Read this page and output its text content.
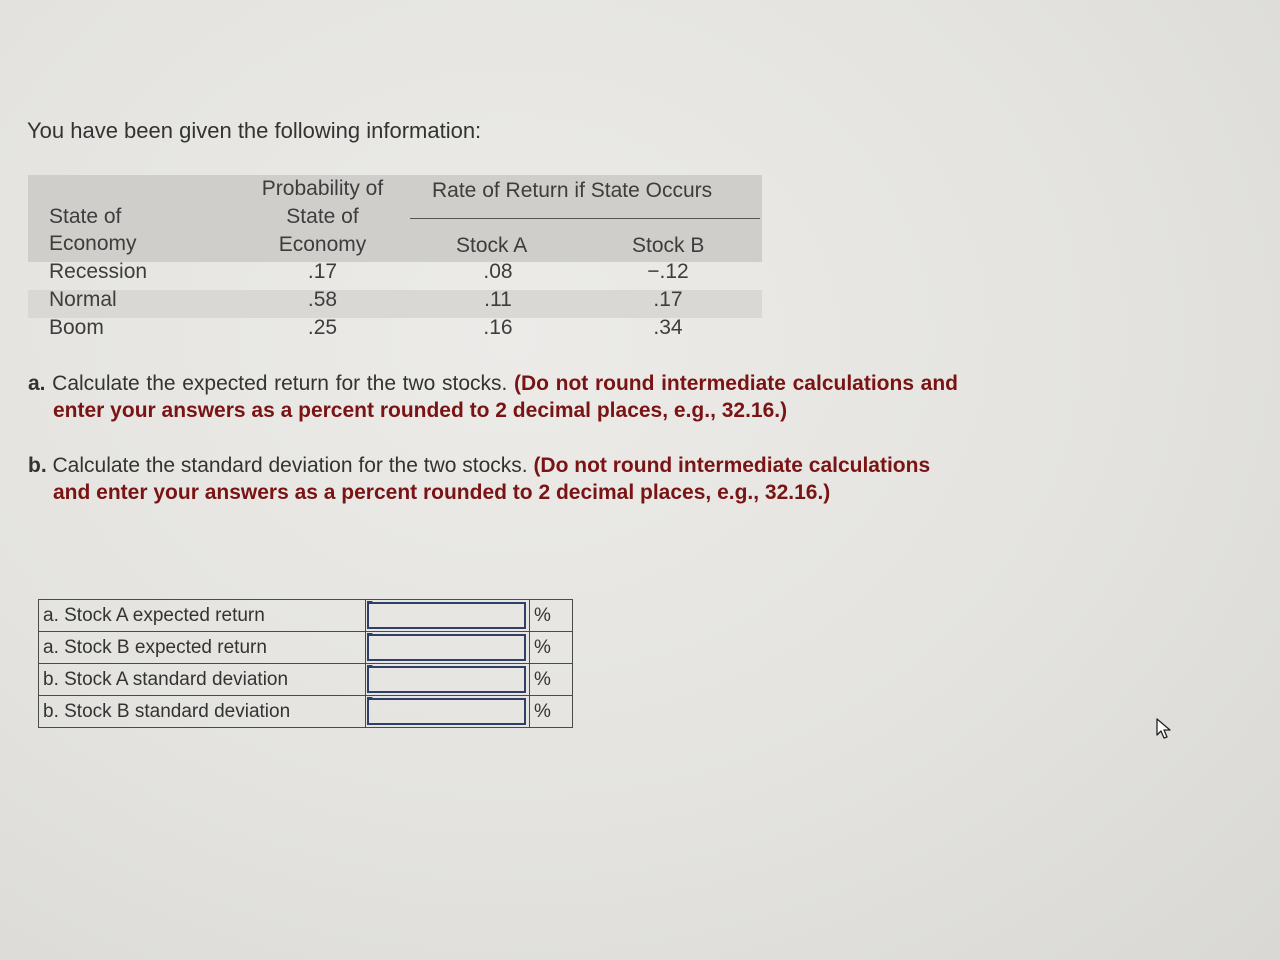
You have been given the following information:
State of
Economy
Probability of
State of
Economy
Rate of Return if State Occurs
Stock A	Stock B
Recession	.17	.08	−.12
Normal	.58	.11	.17
Boom	.25	.16	.34
a. Calculate the expected return for the two stocks. (Do not round intermediate calculations and enter your answers as a percent rounded to 2 decimal places, e.g., 32.16.)
b. Calculate the standard deviation for the two stocks. (Do not round intermediate calculations and enter your answers as a percent rounded to 2 decimal places, e.g., 32.16.)
a. Stock A expected return		%
a. Stock B expected return		%
b. Stock A standard deviation		%
b. Stock B standard deviation		%
